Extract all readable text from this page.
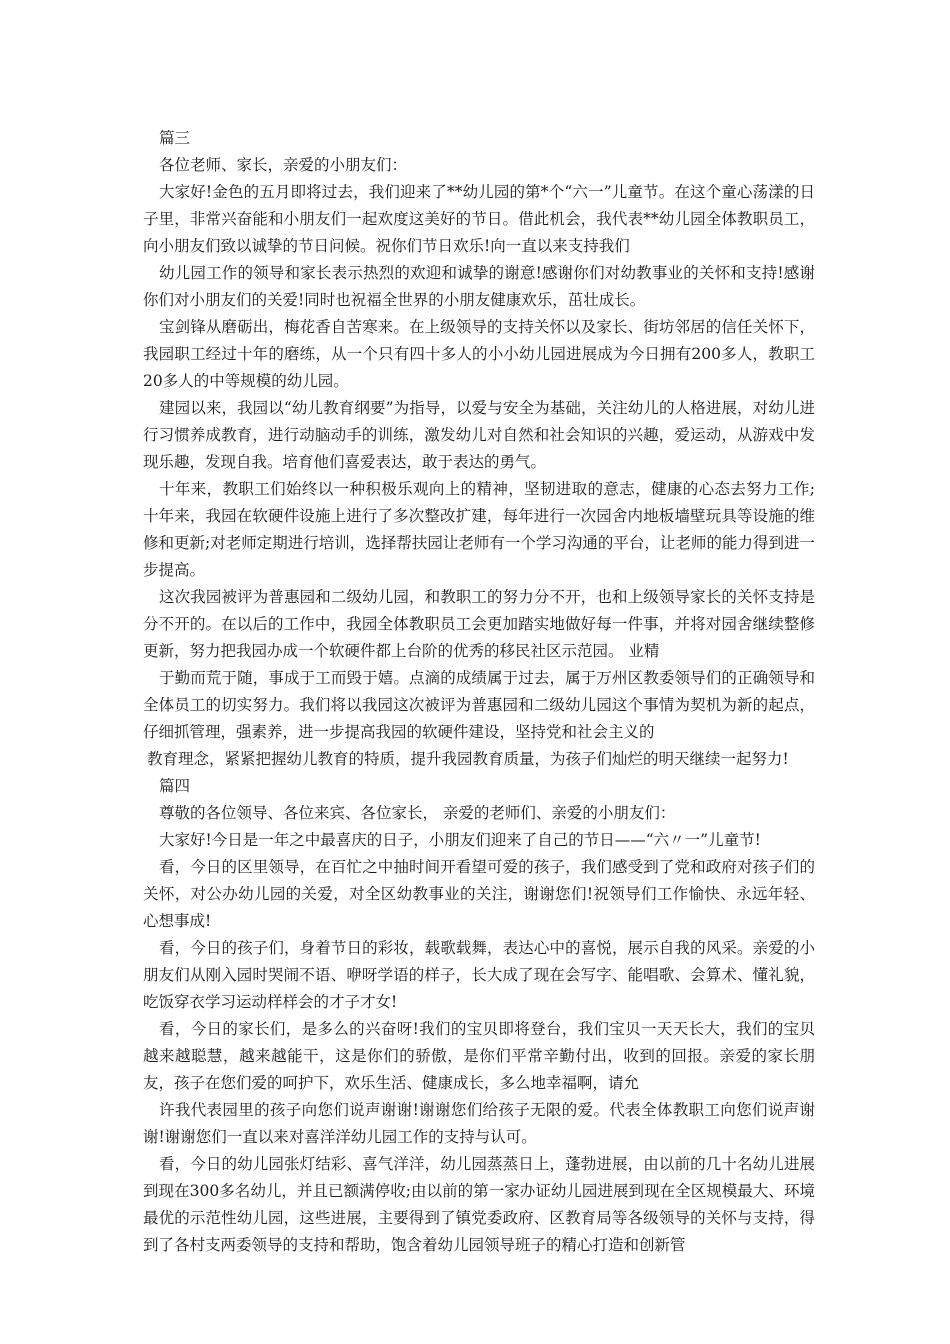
篇三

各位老师、家长，亲爱的小朋友们：

大家好!金色的五月即将过去，我们迎来了**幼儿园的第*个“六一”儿童节。在这个童心荡漾的日子里，非常兴奋能和小朋友们一起欢度这美好的节日。借此机会，我代表**幼儿园全体教职员工，向小朋友们致以诚挚的节日问候。祝你们节日欢乐!向一直以来支持我们

幼儿园工作的领导和家长表示热烈的欢迎和诚挚的谢意!感谢你们对幼教事业的关怀和支持!感谢你们对小朋友们的关爱!同时也祝福全世界的小朋友健康欢乐，茁壮成长。

宝剑锋从磨砺出，梅花香自苦寒来。在上级领导的支持关怀以及家长、街坊邻居的信任关怀下，我园职工经过十年的磨练，从一个只有四十多人的小小幼儿园进展成为今日拥有200多人，教职工20多人的中等规模的幼儿园。

建园以来，我园以“幼儿教育纲要”为指导，以爱与安全为基础，关注幼儿的人格进展，对幼儿进行习惯养成教育，进行动脑动手的训练，激发幼儿对自然和社会知识的兴趣，爱运动，从游戏中发现乐趣，发现自我。培育他们喜爱表达，敢于表达的勇气。

十年来，教职工们始终以一种积极乐观向上的精神，坚韧进取的意志，健康的心态去努力工作;十年来，我园在软硬件设施上进行了多次整改扩建，每年进行一次园舍内地板墙壁玩具等设施的维修和更新;对老师定期进行培训，选择帮扶园让老师有一个学习沟通的平台，让老师的能力得到进一步提高。

这次我园被评为普惠园和二级幼儿园，和教职工的努力分不开，也和上级领导家长的关怀支持是分不开的。在以后的工作中，我园全体教职员工会更加踏实地做好每一件事，并将对园舍继续整修更新，努力把我园办成一个软硬件都上台阶的优秀的移民社区示范园。 业精

于勤而荒于随，事成于工而毁于嬉。点滴的成绩属于过去，属于万州区教委领导们的正确领导和全体员工的切实努力。我们将以我园这次被评为普惠园和二级幼儿园这个事情为契机为新的起点，仔细抓管理，强素养，进一步提高我园的软硬件建设，坚持党和社会主义的

教育理念，紧紧把握幼儿教育的特质，提升我园教育质量，为孩子们灿烂的明天继续一起努力!

篇四

尊敬的各位领导、各位来宾、各位家长， 亲爱的老师们、亲爱的小朋友们：

大家好!今日是一年之中最喜庆的日子，小朋友们迎来了自己的节日——“六〃一”儿童节!

看，今日的区里领导，在百忙之中抽时间开看望可爱的孩子，我们感受到了党和政府对孩子们的关怀，对公办幼儿园的关爱，对全区幼教事业的关注，谢谢您们!祝领导们工作愉快、永远年轻、心想事成!

看，今日的孩子们，身着节日的彩妆，载歌载舞，表达心中的喜悦，展示自我的风采。亲爱的小朋友们从刚入园时哭闹不语、咿呀学语的样子，长大成了现在会写字、能唱歌、会算术、懂礼貌，吃饭穿衣学习运动样样会的才子才女!

看，今日的家长们，是多么的兴奋呀!我们的宝贝即将登台，我们宝贝一天天长大，我们的宝贝越来越聪慧，越来越能干，这是你们的骄傲，是你们平常辛勤付出，收到的回报。亲爱的家长朋友，孩子在您们爱的呵护下，欢乐生活、健康成长，多么地幸福啊，请允

许我代表园里的孩子向您们说声谢谢!谢谢您们给孩子无限的爱。代表全体教职工向您们说声谢谢!谢谢您们一直以来对喜洋洋幼儿园工作的支持与认可。

看，今日的幼儿园张灯结彩、喜气洋洋，幼儿园蒸蒸日上，蓬勃进展，由以前的几十名幼儿进展到现在300多名幼儿，并且已额满停收;由以前的第一家办证幼儿园进展到现在全区规模最大、环境最优的示范性幼儿园，这些进展，主要得到了镇党委政府、区教育局等各级领导的关怀与支持，得到了各村支两委领导的支持和帮助，饱含着幼儿园领导班子的精心打造和创新管
